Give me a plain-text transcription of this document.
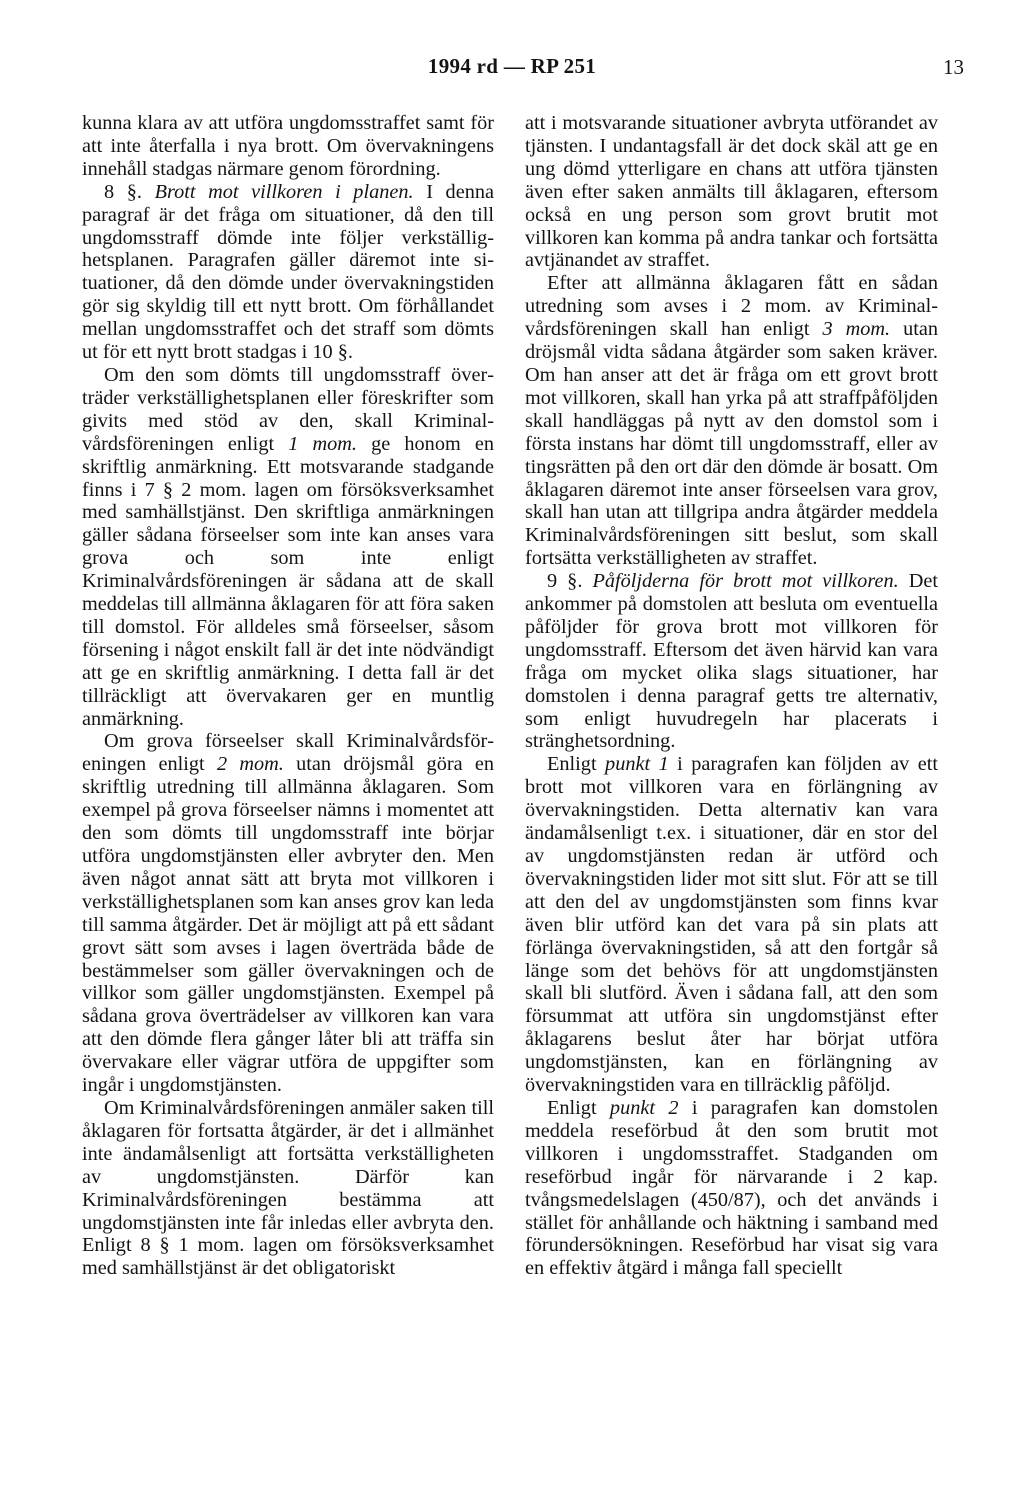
1994 rd — RP 251	13

kunna klara av att utföra ungdomsstraffet samt för att inte återfalla i nya brott. Om övervakningens innehåll stadgas närmare genom förordning.

8 §. Brott mot villkoren i planen. I denna paragraf är det fråga om situationer, då den till ungdomsstraff dömde inte följer verkställighetsplanen. Paragrafen gäller däremot inte situationer, då den dömde under övervakningstiden gör sig skyldig till ett nytt brott. Om förhållandet mellan ungdomsstraffet och det straff som dömts ut för ett nytt brott stadgas i 10 §.

Om den som dömts till ungdomsstraff överträder verkställighetsplanen eller föreskrifter som givits med stöd av den, skall Kriminalvårdsföreningen enligt 1 mom. ge honom en skriftlig anmärkning. Ett motsvarande stadgande finns i 7 § 2 mom. lagen om försöksverksamhet med samhällstjänst. Den skriftliga anmärkningen gäller sådana förseelser som inte kan anses vara grova och som inte enligt Kriminalvårdsföreningen är sådana att de skall meddelas till allmänna åklagaren för att föra saken till domstol. För alldeles små förseelser, såsom försening i något enskilt fall är det inte nödvändigt att ge en skriftlig anmärkning. I detta fall är det tillräckligt att övervakaren ger en muntlig anmärkning.

Om grova förseelser skall Kriminalvårdsföreningen enligt 2 mom. utan dröjsmål göra en skriftlig utredning till allmänna åklagaren. Som exempel på grova förseelser nämns i momentet att den som dömts till ungdomsstraff inte börjar utföra ungdomstjänsten eller avbryter den. Men även något annat sätt att bryta mot villkoren i verkställighetsplanen som kan anses grov kan leda till samma åtgärder. Det är möjligt att på ett sådant grovt sätt som avses i lagen överträda både de bestämmelser som gäller övervakningen och de villkor som gäller ungdomstjänsten. Exempel på sådana grova överträdelser av villkoren kan vara att den dömde flera gånger låter bli att träffa sin övervakare eller vägrar utföra de uppgifter som ingår i ungdomstjänsten.

Om Kriminalvårdsföreningen anmäler saken till åklagaren för fortsatta åtgärder, är det i allmänhet inte ändamålsenligt att fortsätta verkställigheten av ungdomstjänsten. Därför kan Kriminalvårdsföreningen bestämma att ungdomstjänsten inte får inledas eller avbryta den. Enligt 8 § 1 mom. lagen om försöksverksamhet med samhällstjänst är det obligatoriskt

att i motsvarande situationer avbryta utförandet av tjänsten. I undantagsfall är det dock skäl att ge en ung dömd ytterligare en chans att utföra tjänsten även efter saken anmälts till åklagaren, eftersom också en ung person som grovt brutit mot villkoren kan komma på andra tankar och fortsätta avtjänandet av straffet.

Efter att allmänna åklagaren fått en sådan utredning som avses i 2 mom. av Kriminalvårdsföreningen skall han enligt 3 mom. utan dröjsmål vidta sådana åtgärder som saken kräver. Om han anser att det är fråga om ett grovt brott mot villkoren, skall han yrka på att straffpåföljden skall handläggas på nytt av den domstol som i första instans har dömt till ungdomsstraff, eller av tingsrätten på den ort där den dömde är bosatt. Om åklagaren däremot inte anser förseelsen vara grov, skall han utan att tillgripa andra åtgärder meddela Kriminalvårdsföreningen sitt beslut, som skall fortsätta verkställigheten av straffet.

9 §. Påföljderna för brott mot villkoren. Det ankommer på domstolen att besluta om eventuella påföljder för grova brott mot villkoren för ungdomsstraff. Eftersom det även härvid kan vara fråga om mycket olika slags situationer, har domstolen i denna paragraf getts tre alternativ, som enligt huvudregeln har placerats i stränghetsordning.

Enligt punkt 1 i paragrafen kan följden av ett brott mot villkoren vara en förlängning av övervakningstiden. Detta alternativ kan vara ändamålsenligt t.ex. i situationer, där en stor del av ungdomstjänsten redan är utförd och övervakningstiden lider mot sitt slut. För att se till att den del av ungdomstjänsten som finns kvar även blir utförd kan det vara på sin plats att förlänga övervakningstiden, så att den fortgår så länge som det behövs för att ungdomstjänsten skall bli slutförd. Även i sådana fall, att den som försummat att utföra sin ungdomstjänst efter åklagarens beslut åter har börjat utföra ungdomstjänsten, kan en förlängning av övervakningstiden vara en tillräcklig påföljd.

Enligt punkt 2 i paragrafen kan domstolen meddela reseförbud åt den som brutit mot villkoren i ungdomsstraffet. Stadganden om reseförbud ingår för närvarande i 2 kap. tvångsmedelslagen (450/87), och det används i stället för anhållande och häktning i samband med förundersökningen. Reseförbud har visat sig vara en effektiv åtgärd i många fall speciellt
